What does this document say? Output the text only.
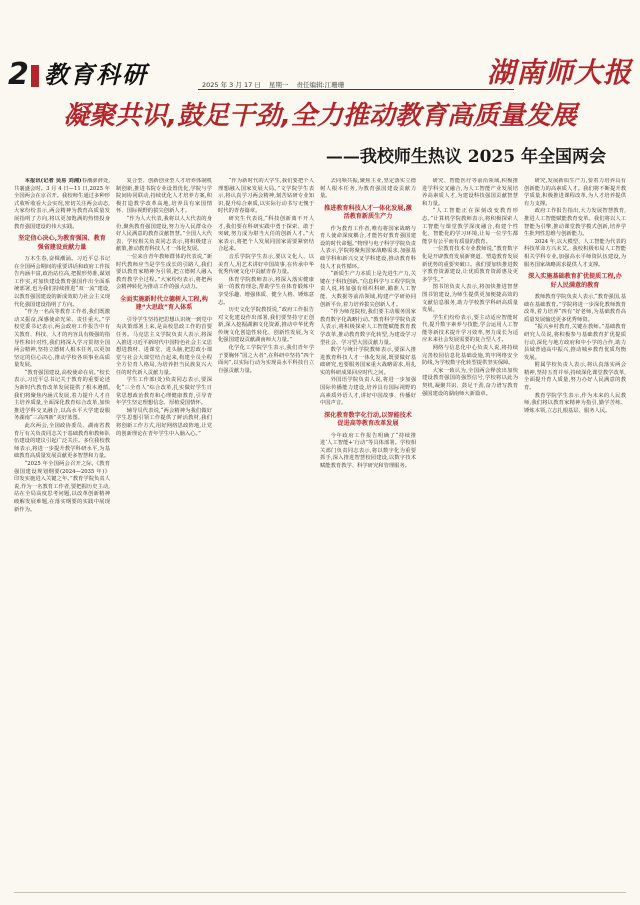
2 教育科研	2025 年 3 月 17 日 星期一 责任编辑:江珊珊	湖南师大报
凝聚共识,鼓足干劲,全力推动教育高质量发展
——我校师生热议 2025 年全国两会

本报讯(记者 吴易 刘湘)春潮澎湃处,共襄盛会时。3 月 4 日—11 日,2025 年全国两会在京召开。我校师生通过多种形式收听收看大会实况,密切关注两会动态,大家纷纷表示,两会精神为教育高质量发展指明了方向,将以更加饱满的热情投身教育强国建设的伟大实践。

坚定信心决心,为教育强国、教育强省建设贡献力量

万木生春,奋楫潮涌。习近平总书记在全国两会期间的重要讲话和政府工作报告内涵丰富,政治站位高,把握形势准,谋划工作实,对加快建设教育强国作出全面系统部署,也为我们持续推进“双一流”建设,以教育强国建设的新成效助力社会主义现代化强国建设指明了方向。

“作为一名高等教育工作者,我们既激动又振奋,深感使命光荣、责任重大。”学校党委书记表示,两会政府工作报告中有关教育、科技、人才的内容具有极强的指导性和针对性,我们将深入学习贯彻全国两会精神,坚持立德树人根本任务,以更加坚定的信心决心,推动学校各项事业高质量发展。

“教育强国建设,高校使命在肩。”校长表示,习近平总书记关于教育的重要论述为新时代教育改革发展提供了根本遵循,我们将聚焦内涵式发展,着力提升人才自主培养质量,全面深化教育综合改革,加快推进学科交叉融合,以高水平大学建设服务湖南“三高四新”美好蓝图。

此次两会,全国政协委员、湖南省教育厅有关负责同志关于基础教育和教师队伍建设的建议引起广泛关注。多位我校教师表示,将进一步提升教学科研水平,为基础教育高质量发展贡献更多智慧和力量。

“2025 年全国两会召开之际,《教育强国建设规划纲要(2024—2035 年)》印发实施进入关键之年。”教育学院负责人说,作为一名教育工作者,要把握历史主动,站在全局高度思考问题,以改革创新精神破解发展难题,在落实纲要的实践中展现新作为。

复合型、创新创业型人才培养体制机制创新,推进书院专业设置优化,学院与学院间协同联动,持续优化人才培养方案,积极打造教学改革高地,培养具有家国情怀、国际视野的拔尖创新人才。

“作为人大代表,我将以人大代表的身份,聚焦教育强国建设,努力为人民群众办好人民满意的教育贡献智慧。”全国人大代表、学校相关负责同志表示,将积极建言献策,推动教育科技人才一体化发展。

一位来自青年教师群体的代表说,“新时代教师应当是学生成长的引路人,我们要以教育家精神为引领,把立德树人融入教育教学全过程。”大家纷纷表示,将把两会精神转化为推动工作的强大动力。

全面实施新时代立德树人工程,构建“大思政”育人体系

引导学生坚持把思想认识统一到党中央决策部署上来,是高校思政工作的首要任务。马克思主义学院负责人表示,将深入推进习近平新时代中国特色社会主义思想进教材、进课堂、进头脑,把思政小课堂与社会大课堂结合起来,构建全员全程全方位育人格局,为培养担当民族复兴大任的时代新人贡献力量。

学生工作部(处)负责同志表示,要深化“三全育人”综合改革,扎实做好学生日常思想政治教育和心理健康教育,引导青年学生坚定理想信念、厚植爱国情怀。

辅导员代表说,“两会精神为我们做好学生思想引领工作提供了鲜活教材,我们将创新工作方式,用好网络思政阵地,让党的创新理论在青年学生中入脑入心。”

“作为新时代的大学生,我们要把个人理想融入国家发展大局。”文学院学生表示,将认真学习两会精神,刻苦钻研专业知识,提升综合素质,以实际行动书写无愧于时代的青春篇章。

研究生代表说,“科技创新离不开人才,我们要在科研实践中勇于探索、敢于突破,努力成为堪当大任的创新人才。”大家表示,将把个人发展同国家需要紧密结合起来。

音乐学院学生表示,要以文化人、以美育人,用艺术讲好中国故事,在传承中华优秀传统文化中贡献青春力量。

体育学院教师表示,将深入落实健康第一的教育理念,帮助学生在体育锻炼中享受乐趣、增强体质、健全人格、锤炼意志。

历史文化学院教授说,“政府工作报告对文化建设作出部署,我们要坚持守正创新,深入挖掘湖湘文化资源,推动中华优秀传统文化创造性转化、创新性发展,为文化强国建设贡献湖南师大力量。”

化学化工学院学生表示,我们青年学子要胸怀“国之大者”,在科研中坚持“四个面向”,以实际行动为实现高水平科技自立自强贡献力量。

去同频共振,聚焦主业,坚定落实立德树人根本任务,为教育强国建设贡献力量。

推进教育科技人才一体化发展,激活教育新质生产力

作为教育工作者,唯有将国家战略与育人使命深度耦合,才能答好教育强国建设的时代命题。”物理与电子科学学院负责人表示,学院将聚焦国家战略需求,加强基础学科和新兴交叉学科建设,推动教育科技人才良性循环。

“新质生产力本质上是先进生产力,关键在于科技创新。”信息科学与工程学院负责人说,将加强有组织科研,瞄准人工智能、大数据等前沿领域,构建产学研协同创新平台,着力培养拔尖创新人才。

“作为师范院校,我们要主动服务国家教育数字化战略行动。”教育科学学院负责人表示,将积极探索人工智能赋能教育教学改革,推动教育数字化转型,为建设学习型社会、学习型大国贡献力量。

数学与统计学院教师表示,要深入推进教育科技人才一体化发展,既要做好基础研究,也要服务国家重大战略需求,用扎实的科研成果回应时代之问。

外国语学院负责人说,将进一步加强国际传播能力建设,培养具有国际视野的高素质外语人才,讲好中国故事、传播好中国声音。

深化教育数字化行动,以智能技术促进高等教育改革发展

今年政府工作报告明确了“持续推进‘人工智能+’行动”等具体部署。学校相关部门负责同志表示,将以数字化为重要抓手,深入推进智慧校园建设,以数字技术赋能教育教学、科学研究和管理服务。

研究、智能医疗等前沿领域,积极推进学科交叉融合,为人工智能产业发展培养高素质人才,为建设科技强国贡献智慧和力量。

“人工智能正在深刻改变教育形态。”计算机学院教师表示,将积极探索人工智能与课堂教学深度融合,构建个性化、智能化的学习环境,让每一位学生都能享有公平而有质量的教育。

一位教育技术专业教师说,“教育数字化是开辟教育发展新赛道、塑造教育发展新优势的重要突破口。我们要加快推进数字教育资源建设,让优质教育资源惠及更多学生。”

图书馆负责人表示,将加快推进智慧图书馆建设,为师生提供更加便捷高效的文献信息服务,助力学校教学科研高质量发展。

学生们纷纷表示,要主动适应智能时代,提升数字素养与技能,学会运用人工智能等新技术提升学习效率,努力成长为适应未来社会发展需要的复合型人才。

网络与信息化中心负责人说,将持续完善校园信息化基础设施,筑牢网络安全防线,为学校数字化转型提供坚实保障。

大家一致认为,全国两会释放出加快建设教育强国的强烈信号,学校将以此为契机,凝聚共识、鼓足干劲,奋力谱写教育强国建设的湖南师大新篇章。

研究,发展新质生产力,要着力培养具有创新能力的高素质人才。我们将不断提升教学质量,积极推进课程改革,为人才培养提供有力支撑。

政府工作报告指出,大力发展智慧教育,推进人工智能赋能教育变革。我们将以人工智能为引擎,推动课堂教学模式创新,培养学生批判性思维与创新能力。

2024 年,以大模型、人工智能为代表的科技革命方兴未艾。我校积极布局人工智能相关学科专业,加强高水平师资队伍建设,为服务国家战略需求提供人才支撑。

深入实施基础教育扩优提质工程,办好人民满意的教育

教师教育学院负责人表示,“教育强国,基础在基础教育。”学院将进一步深化教师教育改革,着力培养“四有”好老师,为基础教育高质量发展输送更多优秀师资。

“振兴乡村教育,关键在教师。”基础教育研究人员说,将积极参与基础教育扩优提质行动,深化与地方政府和中小学的合作,助力县域普通高中振兴,推动城乡教育优质均衡发展。

附属学校负责人表示,将认真落实两会精神,坚持五育并举,持续深化课堂教学改革,全面提升育人质量,努力办好人民满意的教育。

教育学院学生表示,作为未来的人民教师,我们将以教育家精神为指引,勤学苦练、锤炼本领,立志扎根基层、服务人民。
